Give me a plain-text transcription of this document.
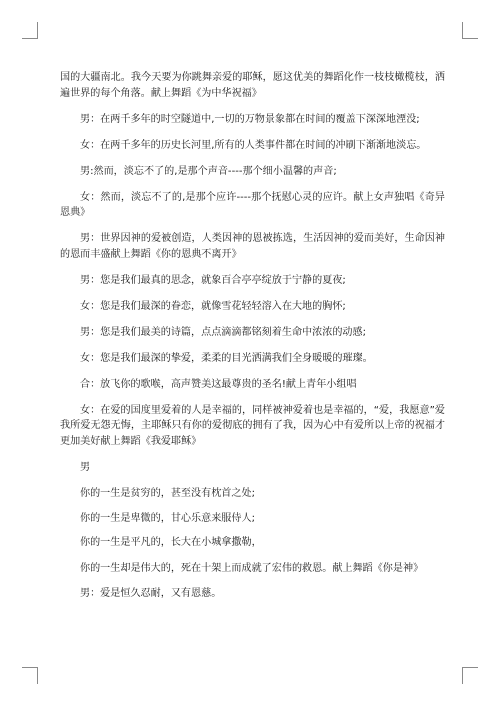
国的大疆南北。我今天要为你跳舞亲爱的耶稣，愿这优美的舞蹈化作一枝枝橄榄枝，洒遍世界的每个角落。献上舞蹈《为中华祝福》

男：在两千多年的时空隧道中,一切的万物景象都在时间的覆盖下深深地湮没;

女：在两千多年的历史长河里,所有的人类事件都在时间的冲刷下渐渐地淡忘。

男:然而，淡忘不了的,是那个声音----那个细小温馨的声音;

女：然而，淡忘不了的,是那个应许----那个抚慰心灵的应许。献上女声独唱《奇异恩典》

男：世界因神的爱被创造，人类因神的恩被拣选，生活因神的爱而美好，生命因神的恩而丰盛献上舞蹈《你的恩典不离开》

男：您是我们最真的思念，就象百合亭亭绽放于宁静的夏夜;

女：您是我们最深的眷恋，就像雪花轻轻溶入在大地的胸怀;

男：您是我们最美的诗篇，点点滴滴都铭刻着生命中浓浓的动感;

女：您是我们最深的挚爱，柔柔的目光洒满我们全身暖暖的璀璨。

合：放飞你的歌喉，高声赞美这最尊贵的圣名!献上青年小组唱

女：在爱的国度里爱着的人是幸福的，同样被神爱着也是幸福的，“爱，我愿意”爱我所爱无怨无悔，主耶稣只有你的爱彻底的拥有了我，因为心中有爱所以上帝的祝福才更加美好献上舞蹈《我爱耶稣》

男

你的一生是贫穷的，甚至没有枕首之处;

你的一生是卑微的，甘心乐意来服侍人;

你的一生是平凡的，长大在小城拿撒勒，

你的一生却是伟大的，死在十架上而成就了宏伟的救恩。献上舞蹈《你是神》

男：爱是恒久忍耐，又有恩慈。
